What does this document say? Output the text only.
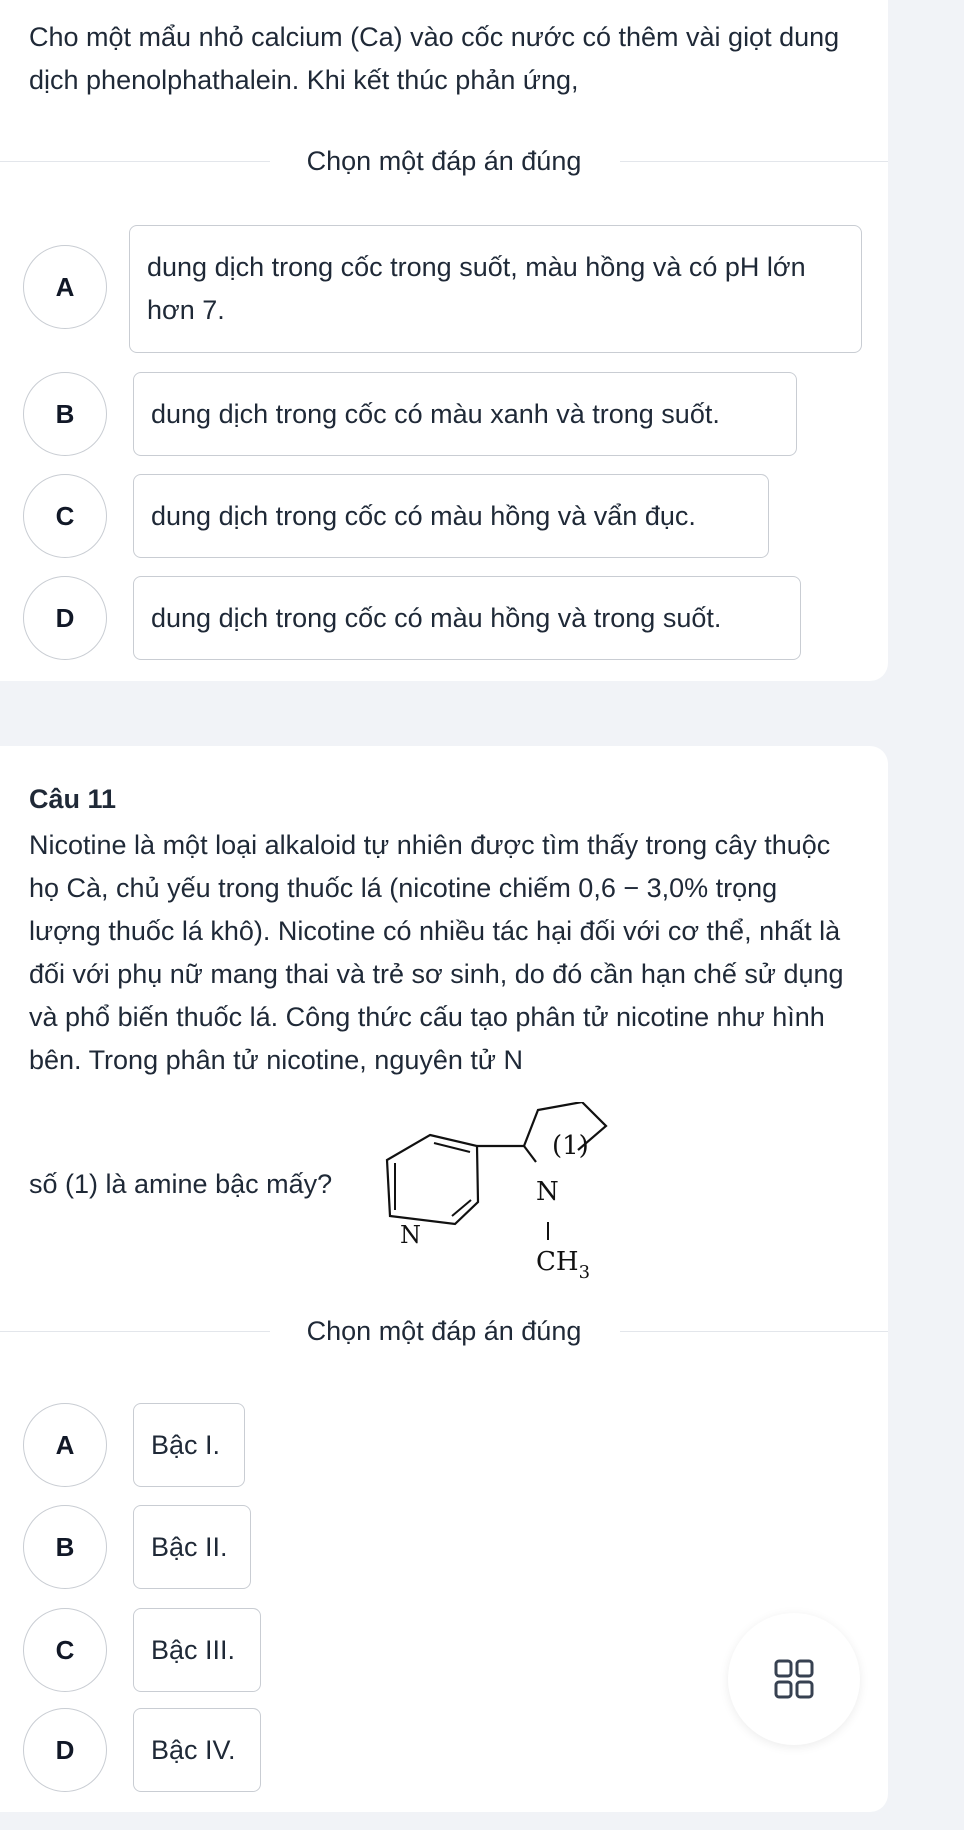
Cho một mẩu nhỏ calcium (Ca) vào cốc nước có thêm vài giọt dung dịch phenolphathalein. Khi kết thúc phản ứng,
Chọn một đáp án đúng
A
dung dịch trong cốc trong suốt, màu hồng và có pH lớn hơn 7.
B	dung dịch trong cốc có màu xanh và trong suốt.
C	dung dịch trong cốc có màu hồng và vẩn đục.
D	dung dịch trong cốc có màu hồng và trong suốt.
Câu 11
Nicotine là một loại alkaloid tự nhiên được tìm thấy trong cây thuộc họ Cà, chủ yếu trong thuốc lá (nicotine chiếm 0,6 − 3,0% trọng lượng thuốc lá khô). Nicotine có nhiều tác hại đối với cơ thể, nhất là đối với phụ nữ mang thai và trẻ sơ sinh, do đó cần hạn chế sử dụng và phổ biến thuốc lá. Công thức cấu tạo phân tử nicotine như hình bên. Trong phân tử nicotine, nguyên tử N
số (1) là amine bậc mấy?
(1)
N
N
$CH_3$
Chọn một đáp án đúng
A	Bậc I.
B	Bậc II.
C	Bậc III.
D	Bậc IV.
